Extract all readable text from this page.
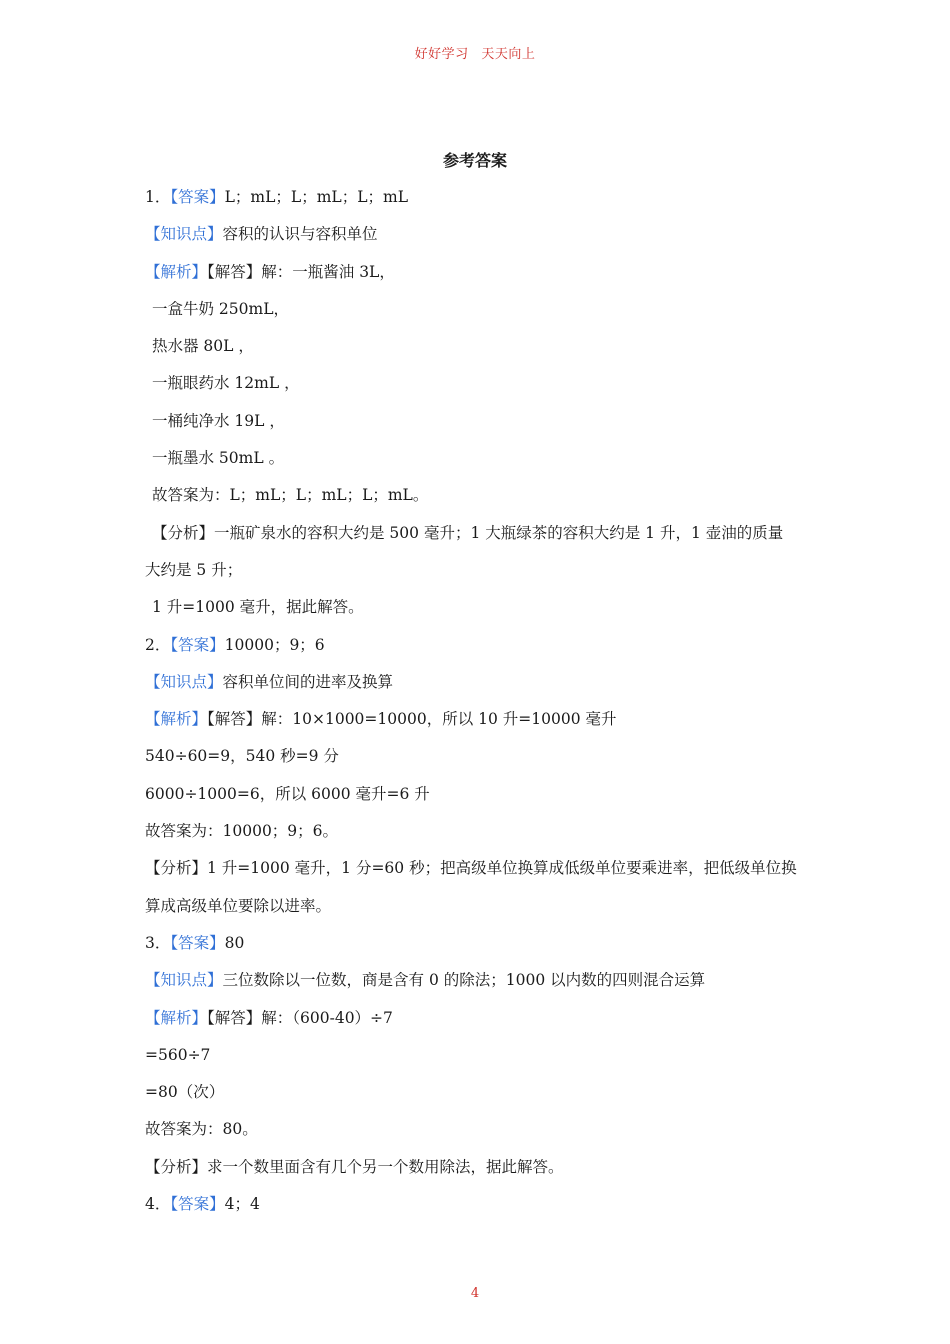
好好学习 天天向上
参考答案
1．【答案】L；mL；L；mL；L；mL
【知识点】容积的认识与容积单位
【解析】【解答】解：一瓶酱油 3L，
一盒牛奶 250mL，
热水器 80L ，
一瓶眼药水 12mL ，
一桶纯净水 19L ，
一瓶墨水 50mL 。
故答案为：L；mL；L；mL；L；mL。
【分析】一瓶矿泉水的容积大约是 500 毫升；1 大瓶绿茶的容积大约是 1 升，1 壶油的质量
大约是 5 升；
1 升=1000 毫升，据此解答。
2．【答案】10000；9；6
【知识点】容积单位间的进率及换算
【解析】【解答】解：10×1000=10000，所以 10 升=10000 毫升
540÷60=9，540 秒=9 分
6000÷1000=6，所以 6000 毫升=6 升
故答案为：10000；9；6。
【分析】1 升=1000 毫升，1 分=60 秒；把高级单位换算成低级单位要乘进率，把低级单位换
算成高级单位要除以进率。
3．【答案】80
【知识点】三位数除以一位数，商是含有 0 的除法；1000 以内数的四则混合运算
【解析】【解答】解：（600-40）÷7
=560÷7
=80（次）
故答案为：80。
【分析】求一个数里面含有几个另一个数用除法，据此解答。
4．【答案】4；4
4
